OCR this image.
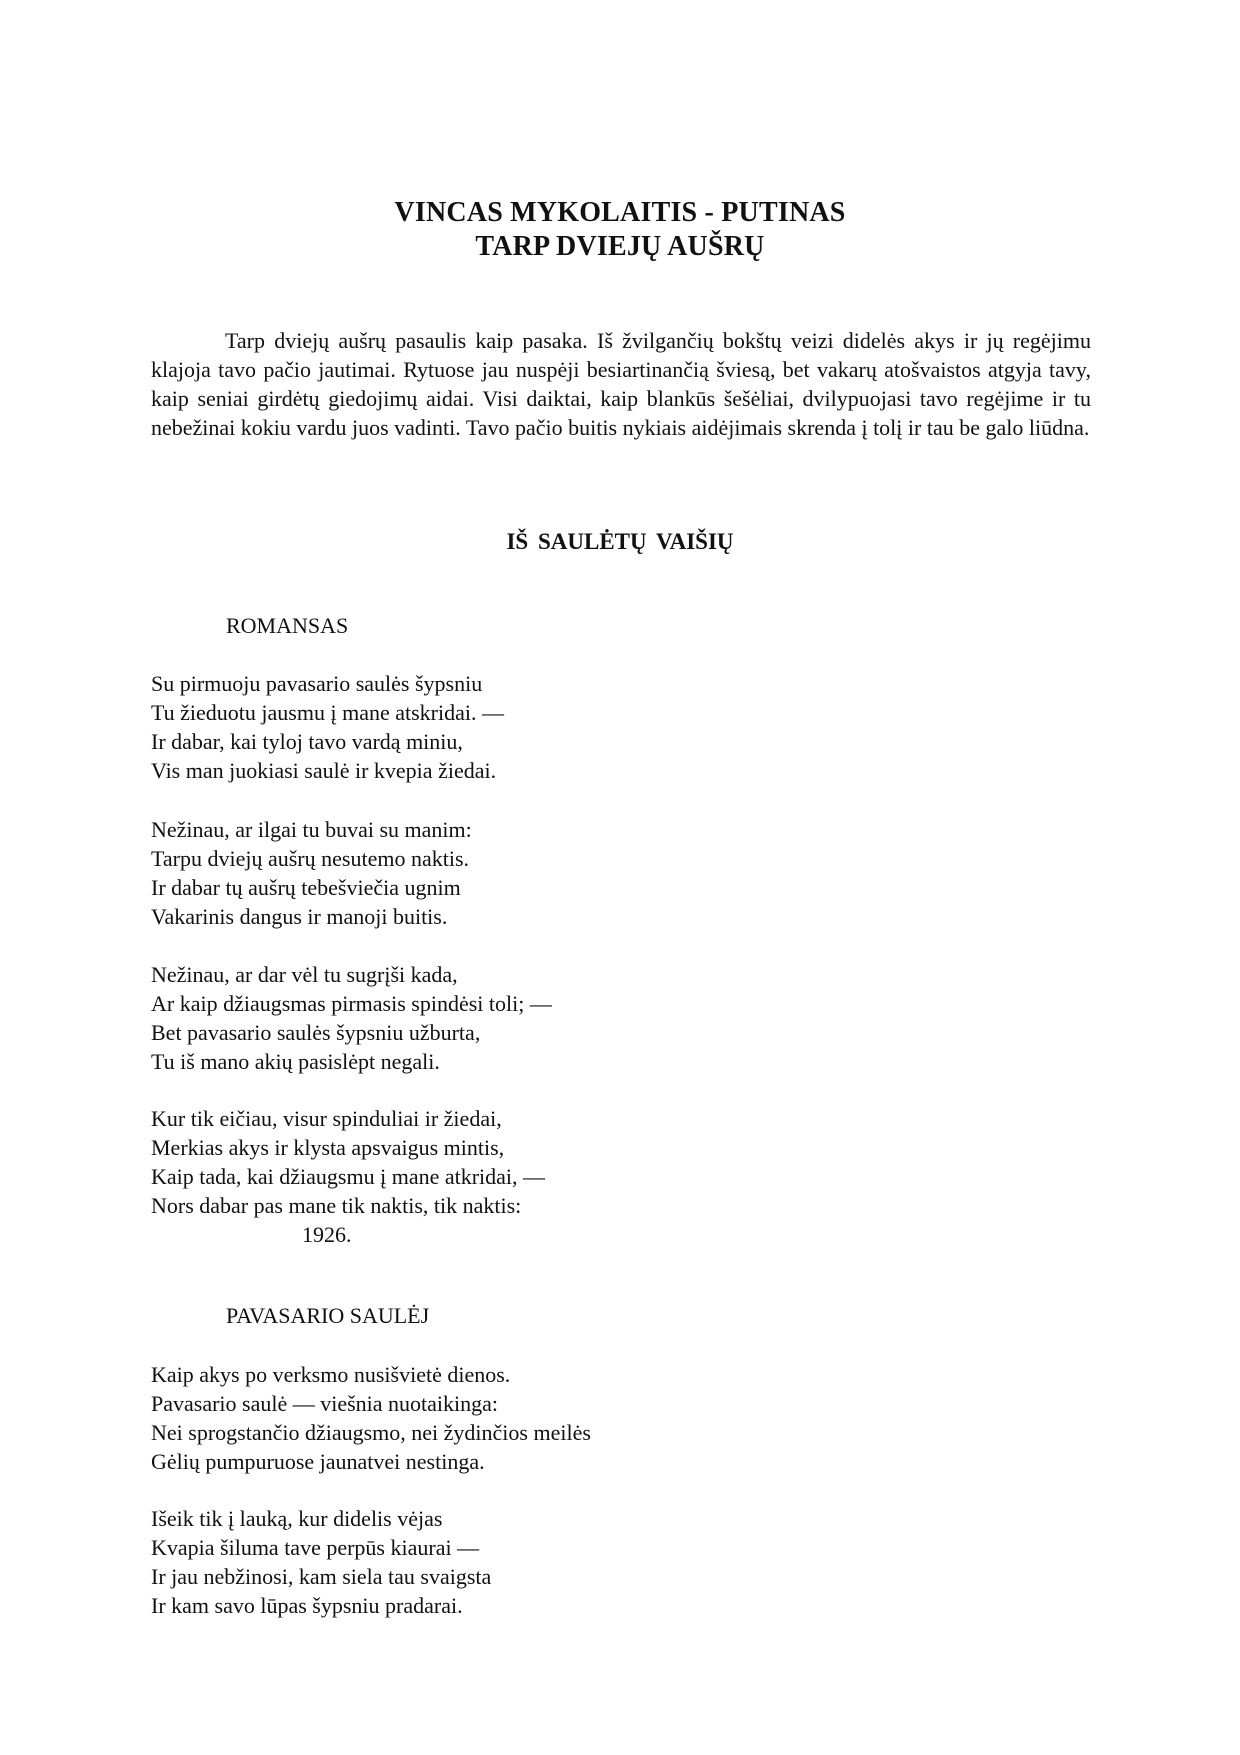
VINCAS MYKOLAITIS - PUTINAS
TARP DVIEJŲ AUŠRŲ

Tarp dviejų aušrų pasaulis kaip pasaka. Iš žvilgančių bokštų veizi didelės akys ir jų regėjimu klajoja tavo pačio jautimai. Rytuose jau nuspėji besiartinančią šviesą, bet vakarų atošvaistos atgyja tavy, kaip seniai girdėtų giedojimų aidai. Visi daiktai, kaip blankūs šešėliai, dvilypuojasi tavo regėjime ir tu nebežinai kokiu vardu juos vadinti. Tavo pačio buitis nykiais aidėjimais skrenda į tolį ir tau be galo liūdna.

IŠ SAULĖTŲ VAIŠIŲ
ROMANSAS
Su pirmuoju pavasario saulės šypsniu
Tu žieduotu jausmu į mane atskridai. —
Ir dabar, kai tyloj tavo vardą miniu,
Vis man juokiasi saulė ir kvepia žiedai.
Nežinau, ar ilgai tu buvai su manim:
Tarpu dviejų aušrų nesutemo naktis.
Ir dabar tų aušrų tebešviečia ugnim
Vakarinis dangus ir manoji buitis.
Nežinau, ar dar vėl tu sugrįši kada,
Ar kaip džiaugsmas pirmasis spindėsi toli; —
Bet pavasario saulės šypsniu užburta,
Tu iš mano akių pasislėpt negali.
Kur tik eičiau, visur spinduliai ir žiedai,
Merkias akys ir klysta apsvaigus mintis,
Kaip tada, kai džiaugsmu į mane atkridai, —
Nors dabar pas mane tik naktis, tik naktis:
1926.
PAVASARIO SAULĖJ
Kaip akys po verksmo nusišvietė dienos.
Pavasario saulė — viešnia nuotaikinga:
Nei sprogstančio džiaugsmo, nei žydinčios meilės
Gėlių pumpuruose jaunatvei nestinga.
Išeik tik į lauką, kur didelis vėjas
Kvapia šiluma tave perpūs kiaurai —
Ir jau nebžinosi, kam siela tau svaigsta
Ir kam savo lūpas šypsniu pradarai.
